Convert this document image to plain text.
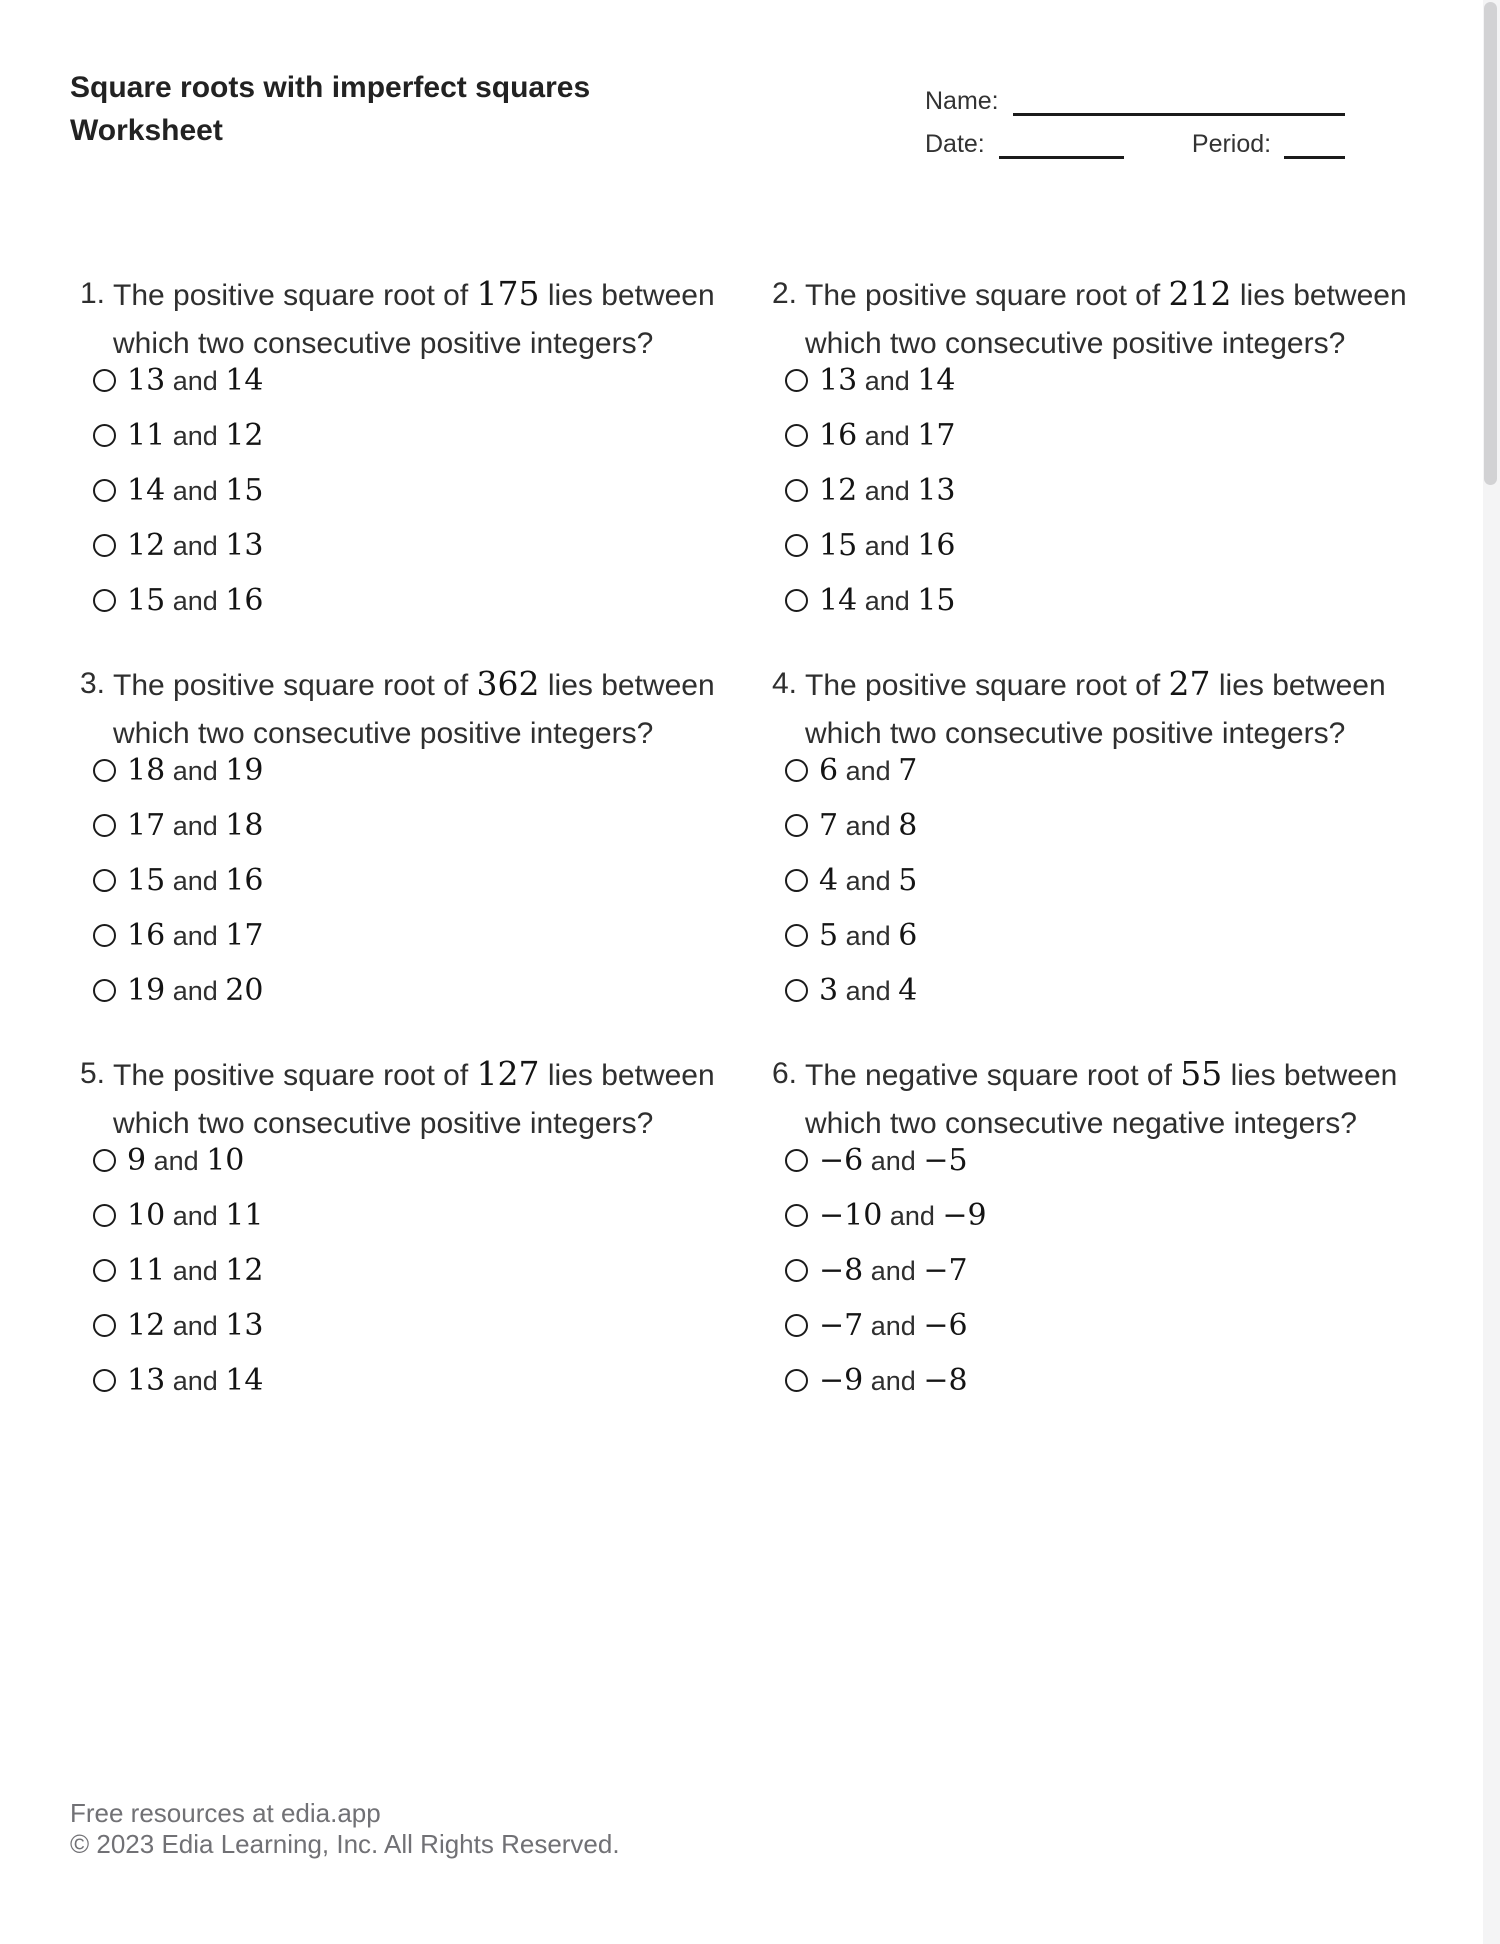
Square roots with imperfect squares
Worksheet
Name:
Date:	Period:
1. The positive square root of 175 lies between
which two consecutive positive integers?
13 and 14
11 and 12
14 and 15
12 and 13
15 and 16
2. The positive square root of 212 lies between
which two consecutive positive integers?
13 and 14
16 and 17
12 and 13
15 and 16
14 and 15
3. The positive square root of 362 lies between
which two consecutive positive integers?
18 and 19
17 and 18
15 and 16
16 and 17
19 and 20
4. The positive square root of 27 lies between
which two consecutive positive integers?
6 and 7
7 and 8
4 and 5
5 and 6
3 and 4
5. The positive square root of 127 lies between
which two consecutive positive integers?
9 and 10
10 and 11
11 and 12
12 and 13
13 and 14
6. The negative square root of 55 lies between
which two consecutive negative integers?
−6 and −5
−10 and −9
−8 and −7
−7 and −6
−9 and −8
Free resources at edia.app
© 2023 Edia Learning, Inc. All Rights Reserved.
